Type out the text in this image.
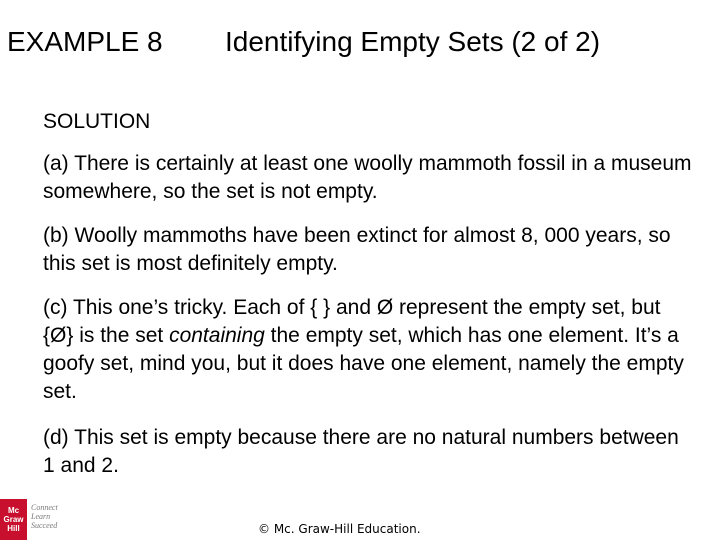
EXAMPLE 8 Identifying Empty Sets (2 of 2)
SOLUTION
(a) There is certainly at least one woolly mammoth fossil in a museum somewhere, so the set is not empty.
(b) Woolly mammoths have been extinct for almost 8, 000 years, so this set is most definitely empty.
(c) This one’s tricky. Each of { } and Ø represent the empty set, but {Ø} is the set containing the empty set, which has one element. It’s a goofy set, mind you, but it does have one element, namely the empty set.
(d) This set is empty because there are no natural numbers between 1 and 2.
Mc
Graw
Hill
Connect
Learn
Succeed	© Mc. Graw-Hill Education.
